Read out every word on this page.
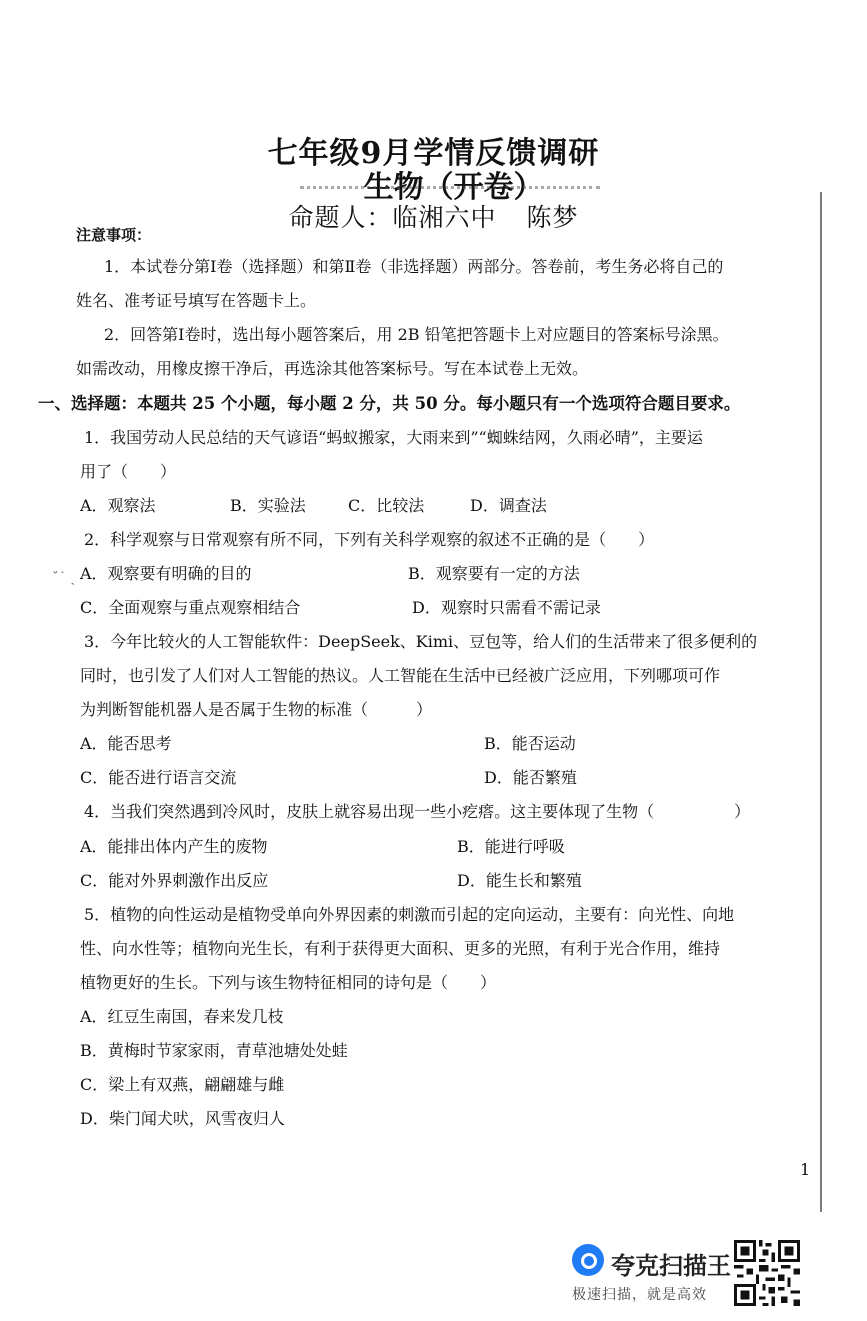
七年级9月学情反馈调研
生物（开卷）
命题人：临湘六中 陈梦
注意事项：
1．本试卷分第Ⅰ卷（选择题）和第Ⅱ卷（非选择题）两部分。答卷前，考生务必将自己的
姓名、准考证号填写在答题卡上。
2．回答第Ⅰ卷时，选出每小题答案后，用 2B 铅笔把答题卡上对应题目的答案标号涂黑。
如需改动，用橡皮擦干净后，再选涂其他答案标号。写在本试卷上无效。
一、选择题：本题共 25 个小题，每小题 2 分，共 50 分。每小题只有一个选项符合题目要求。
1．我国劳动人民总结的天气谚语“蚂蚁搬家，大雨来到”“蜘蛛结网，久雨必晴”，主要运
用了（　　）
A．观察法	B．实验法	C．比较法	D．调查法
2．科学观察与日常观察有所不同，下列有关科学观察的叙述不正确的是（　　）
ˇ˙ ˏ A．观察要有明确的目的	B．观察要有一定的方法
C．全面观察与重点观察相结合	D．观察时只需看不需记录
3．今年比较火的人工智能软件：DeepSeek、Kimi、豆包等，给人们的生活带来了很多便利的
同时，也引发了人们对人工智能的热议。人工智能在生活中已经被广泛应用，下列哪项可作
为判断智能机器人是否属于生物的标准（　　　）
A．能否思考	B．能否运动
C．能否进行语言交流	D．能否繁殖
4．当我们突然遇到冷风时，皮肤上就容易出现一些小疙瘩。这主要体现了生物（　　　　　）
A．能排出体内产生的废物	B．能进行呼吸
C．能对外界刺激作出反应	D．能生长和繁殖
5．植物的向性运动是植物受单向外界因素的刺激而引起的定向运动，主要有：向光性、向地
性、向水性等；植物向光生长，有利于获得更大面积、更多的光照，有利于光合作用，维持
植物更好的生长。下列与该生物特征相同的诗句是（　　）
A．红豆生南国，春来发几枝
B．黄梅时节家家雨，青草池塘处处蛙
C．梁上有双燕，翩翩雄与雌
D．柴门闻犬吠，风雪夜归人
1
夸克扫描王
极速扫描，就是高效
